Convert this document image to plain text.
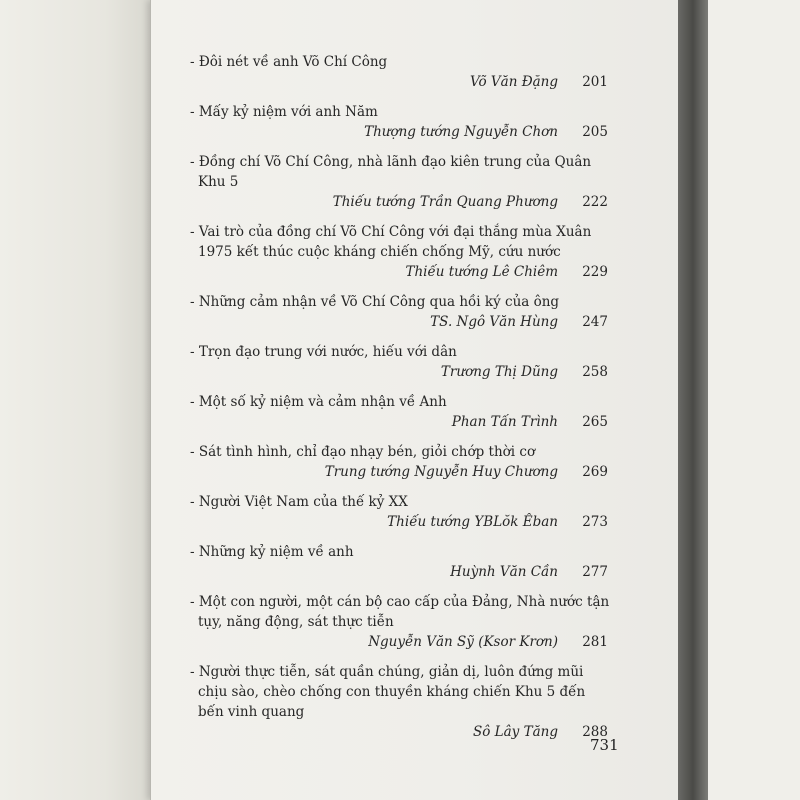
- Đôi nét về anh Võ Chí Công
Võ Văn Đặng 201
- Mấy kỷ niệm với anh Năm
Thượng tướng Nguyễn Chơn 205
- Đồng chí Võ Chí Công, nhà lãnh đạo kiên trung của Quân Khu 5
Thiếu tướng Trần Quang Phương 222
- Vai trò của đồng chí Võ Chí Công với đại thắng mùa Xuân 1975 kết thúc cuộc kháng chiến chống Mỹ, cứu nước
Thiếu tướng Lê Chiêm 229
- Những cảm nhận về Võ Chí Công qua hồi ký của ông
TS. Ngô Văn Hùng 247
- Trọn đạo trung với nước, hiếu với dân
Trương Thị Dũng 258
- Một số kỷ niệm và cảm nhận về Anh
Phan Tấn Trình 265
- Sát tình hình, chỉ đạo nhạy bén, giỏi chớp thời cơ
Trung tướng Nguyễn Huy Chương 269
- Người Việt Nam của thế kỷ XX
Thiếu tướng YBLŏk Êban 273
- Những kỷ niệm về anh
Huỳnh Văn Cần 277
- Một con người, một cán bộ cao cấp của Đảng, Nhà nước tận tụy, năng động, sát thực tiễn
Nguyễn Văn Sỹ (Ksor Krơn) 281
- Người thực tiễn, sát quần chúng, giản dị, luôn đứng mũi chịu sào, chèo chống con thuyền kháng chiến Khu 5 đến bến vinh quang
Sô Lây Tăng 288
731
